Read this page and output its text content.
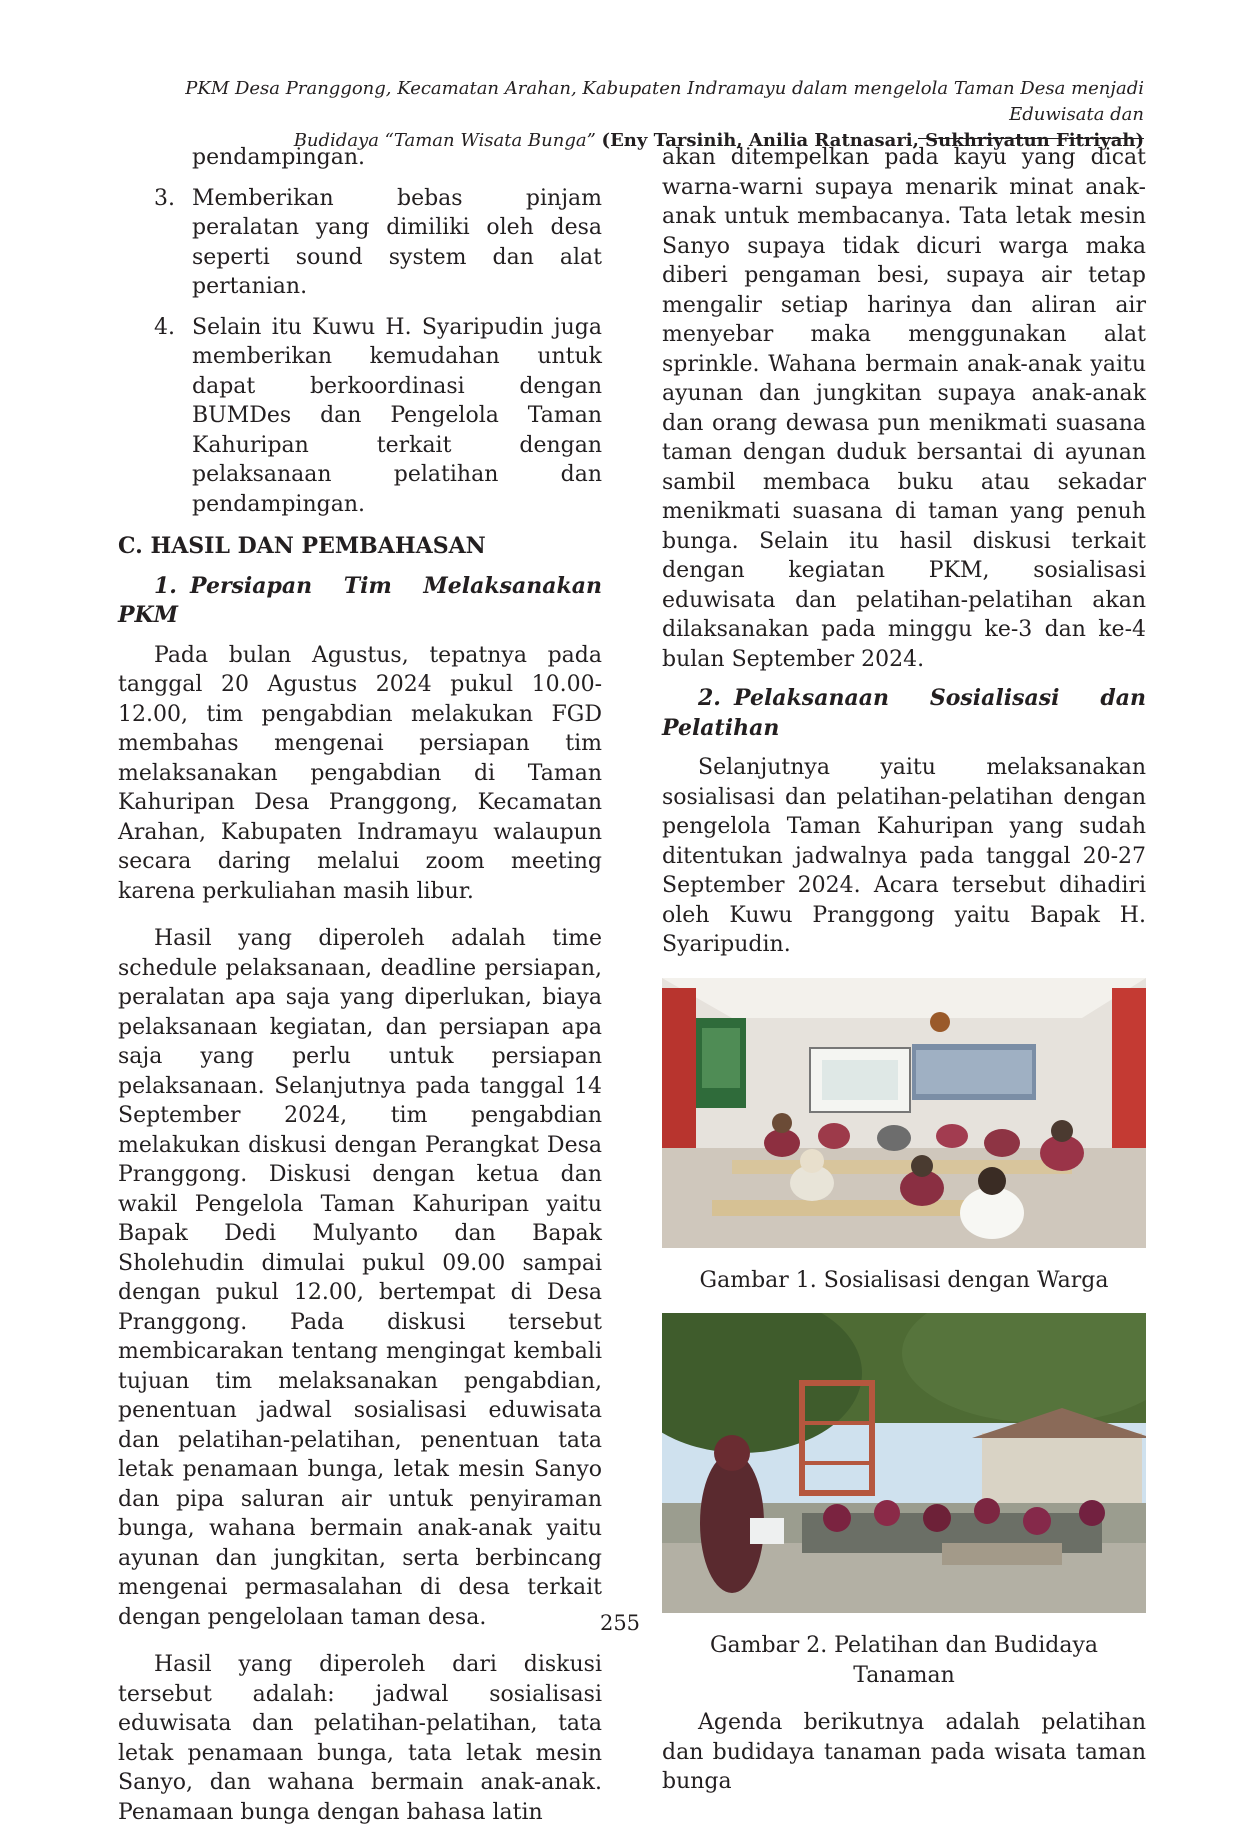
PKM Desa Pranggong, Kecamatan Arahan, Kabupaten Indramayu dalam mengelola Taman Desa menjadi Eduwisata dan
Budidaya “Taman Wisata Bunga” (Eny Tarsinih, Anilia Ratnasari, Sukhriyatun Fitriyah)

pendampingan.

3. Memberikan bebas pinjam peralatan yang dimiliki oleh desa seperti sound system dan alat pertanian.
4. Selain itu Kuwu H. Syaripudin juga memberikan kemudahan untuk dapat berkoordinasi dengan BUMDes dan Pengelola Taman Kahuripan terkait dengan pelaksanaan pelatihan dan pendampingan.

C. HASIL DAN PEMBAHASAN

1. Persiapan Tim Melaksanakan PKM

Pada bulan Agustus, tepatnya pada tanggal 20 Agustus 2024 pukul 10.00-12.00, tim pengabdian melakukan FGD membahas mengenai persiapan tim melaksanakan pengabdian di Taman Kahuripan Desa Pranggong, Kecamatan Arahan, Kabupaten Indramayu walaupun secara daring melalui zoom meeting karena perkuliahan masih libur.

Hasil yang diperoleh adalah time schedule pelaksanaan, deadline persiapan, peralatan apa saja yang diperlukan, biaya pelaksanaan kegiatan, dan persiapan apa saja yang perlu untuk persiapan pelaksanaan. Selanjutnya pada tanggal 14 September 2024, tim pengabdian melakukan diskusi dengan Perangkat Desa Pranggong. Diskusi dengan ketua dan wakil Pengelola Taman Kahuripan yaitu Bapak Dedi Mulyanto dan Bapak Sholehudin dimulai pukul 09.00 sampai dengan pukul 12.00, bertempat di Desa Pranggong. Pada diskusi tersebut membicarakan tentang mengingat kembali tujuan tim melaksanakan pengabdian, penentuan jadwal sosialisasi eduwisata dan pelatihan-pelatihan, penentuan tata letak penamaan bunga, letak mesin Sanyo dan pipa saluran air untuk penyiraman bunga, wahana bermain anak-anak yaitu ayunan dan jungkitan, serta berbincang mengenai permasalahan di desa terkait dengan pengelolaan taman desa.

Hasil yang diperoleh dari diskusi tersebut adalah: jadwal sosialisasi eduwisata dan pelatihan-pelatihan, tata letak penamaan bunga, tata letak mesin Sanyo, dan wahana bermain anak-anak. Penamaan bunga dengan bahasa latin

akan ditempelkan pada kayu yang dicat warna-warni supaya menarik minat anak-anak untuk membacanya. Tata letak mesin Sanyo supaya tidak dicuri warga maka diberi pengaman besi, supaya air tetap mengalir setiap harinya dan aliran air menyebar maka menggunakan alat sprinkle. Wahana bermain anak-anak yaitu ayunan dan jungkitan supaya anak-anak dan orang dewasa pun menikmati suasana taman dengan duduk bersantai di ayunan sambil membaca buku atau sekadar menikmati suasana di taman yang penuh bunga. Selain itu hasil diskusi terkait dengan kegiatan PKM, sosialisasi eduwisata dan pelatihan-pelatihan akan dilaksanakan pada minggu ke-3 dan ke-4 bulan September 2024.

2. Pelaksanaan Sosialisasi dan Pelatihan

Selanjutnya yaitu melaksanakan sosialisasi dan pelatihan-pelatihan dengan pengelola Taman Kahuripan yang sudah ditentukan jadwalnya pada tanggal 20-27 September 2024. Acara tersebut dihadiri oleh Kuwu Pranggong yaitu Bapak H. Syaripudin.

Gambar 1. Sosialisasi dengan Warga

Gambar 2. Pelatihan dan Budidaya Tanaman

Agenda berikutnya adalah pelatihan dan budidaya tanaman pada wisata taman bunga

255
